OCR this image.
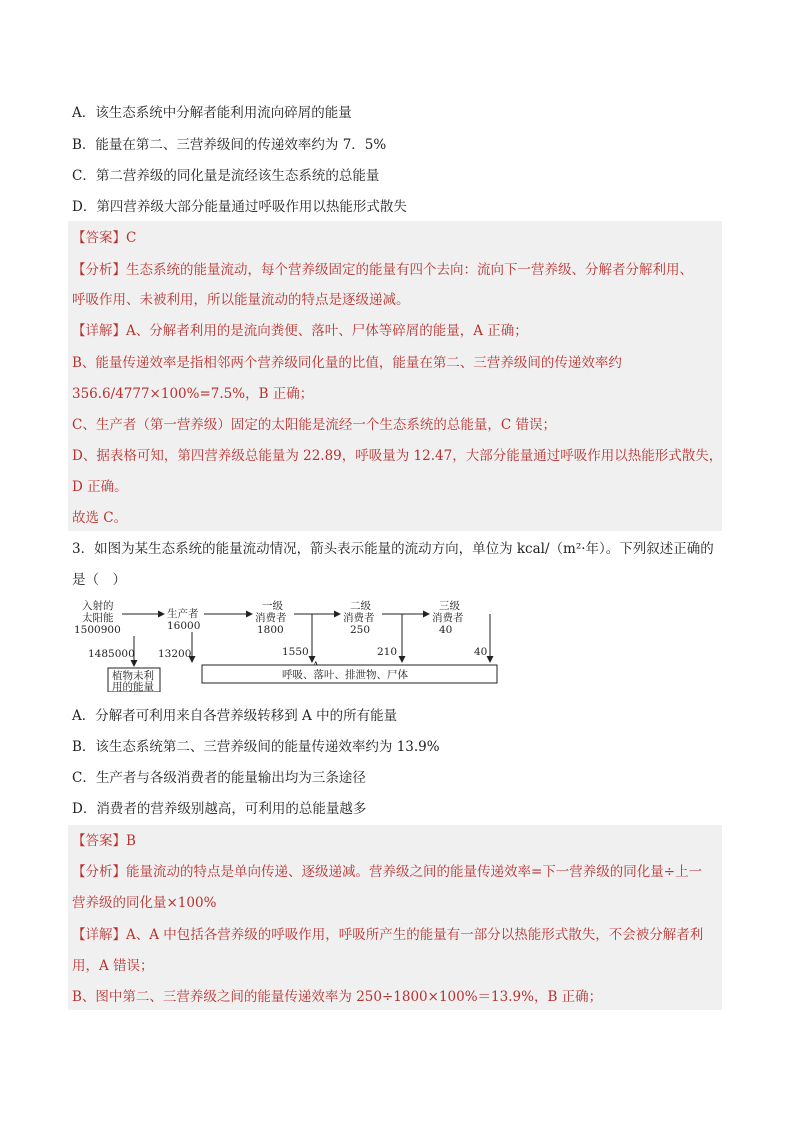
A．该生态系统中分解者能利用流向碎屑的能量
B．能量在第二、三营养级间的传递效率约为 7．5%
C．第二营养级的同化量是流经该生态系统的总能量
D．第四营养级大部分能量通过呼吸作用以热能形式散失
【答案】C
【分析】生态系统的能量流动，每个营养级固定的能量有四个去向：流向下一营养级、分解者分解利用、
呼吸作用、未被利用，所以能量流动的特点是逐级递减。
【详解】A、分解者利用的是流向粪便、落叶、尸体等碎屑的能量，A 正确；
B、能量传递效率是指相邻两个营养级同化量的比值，能量在第二、三营养级间的传递效率约
356.6/4777×100%=7.5%，B 正确；
C、生产者（第一营养级）固定的太阳能是流经一个生态系统的总能量，C 错误；
D、据表格可知，第四营养级总能量为 22.89，呼吸量为 12.47，大部分能量通过呼吸作用以热能形式散失，
D 正确。
故选 C。
3．如图为某生态系统的能量流动情况，箭头表示能量的流动方向，单位为 kcal/（m²·年）。下列叙述正确的
是（　）
入射的
太阳能
1500900
生产者
16000
一级
消费者
1800
二级
消费者
250
三级
消费者
40
1485000 13200	1550	210	40
植物未利
用的能量
呼吸、落叶、排泄物、尸体
A．分解者可利用来自各营养级转移到 A 中的所有能量
B．该生态系统第二、三营养级间的能量传递效率约为 13.9%
C．生产者与各级消费者的能量输出均为三条途径
D．消费者的营养级别越高，可利用的总能量越多
【答案】B
【分析】能量流动的特点是单向传递、逐级递减。营养级之间的能量传递效率=下一营养级的同化量÷上一
营养级的同化量×100%
【详解】A、A 中包括各营养级的呼吸作用，呼吸所产生的能量有一部分以热能形式散失，不会被分解者利
用，A 错误；
B、图中第二、三营养级之间的能量传递效率为 250÷1800×100%＝13.9%，B 正确；
